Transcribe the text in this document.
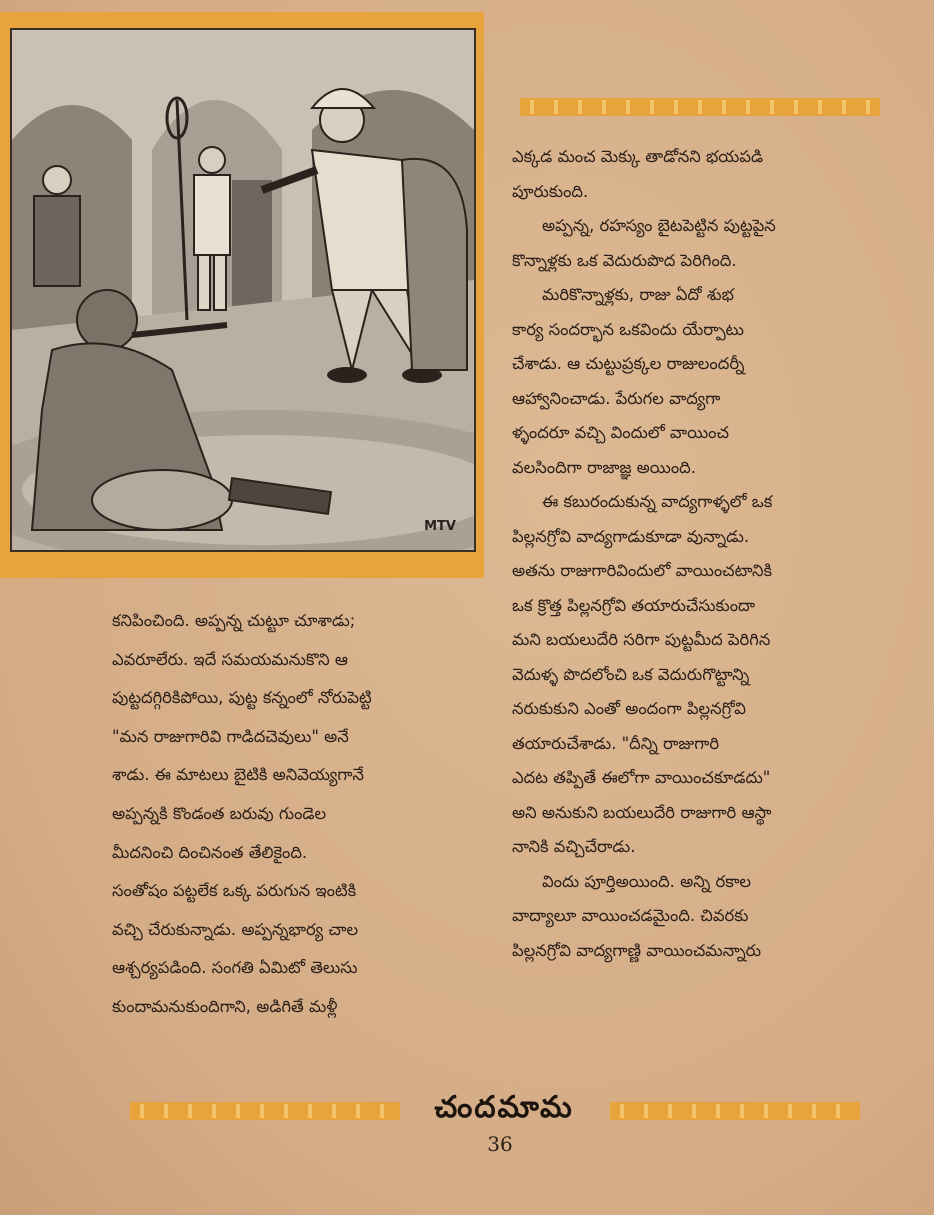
MTV
ఎక్కడ మంచ మెక్కు తాడోనని భయపడి
పూరుకుంది.
అప్పన్న, రహస్యం బైటపెట్టిన పుట్టపైన
కొన్నాళ్లకు ఒక వెదురుపొద పెరిగింది.
మరికొన్నాళ్లకు, రాజు ఏదో శుభ
కార్య సందర్భాన ఒకవిందు యేర్పాటు
చేశాడు. ఆ చుట్టుప్రక్కల రాజులందర్నీ
ఆహ్వానించాడు. పేరుగల వాద్యగా
ళ్ళందరూ వచ్చి విందులో వాయించ
వలసిందిగా రాజాజ్ఞ అయింది.
ఈ కబురందుకున్న వాద్యగాళ్ళలో ఒక
పిల్లనగ్రోవి వాద్యగాడుకూడా వున్నాడు.
అతను రాజుగారివిందులో వాయించటానికి
ఒక క్రొత్త పిల్లనగ్రోవి తయారుచేసుకుందా
మని బయలుదేరి సరిగా పుట్టమీద పెరిగిన
వెదుళ్ళ పొదలోంచి ఒక వెదురుగొట్టాన్ని
నరుకుకుని ఎంతో అందంగా పిల్లనగ్రోవి
తయారుచేశాడు. "దీన్ని రాజుగారి
ఎదట తప్పితే ఈలోగా వాయించకూడదు"
అని అనుకుని బయలుదేరి రాజుగారి ఆస్థా
నానికి వచ్చిచేరాడు.
విందు పూర్తిఅయింది. అన్ని రకాల
వాద్యాలూ వాయించడమైంది. చివరకు
పిల్లనగ్రోవి వాద్యగాణ్ణి వాయించమన్నారు
కనిపించింది. అప్పన్న చుట్టూ చూశాడు;
ఎవరూలేరు. ఇదే సమయమనుకొని ఆ
పుట్టదగ్గిరికిపోయి, పుట్ట కన్నంలో నోరుపెట్టి
"మన రాజుగారివి గాడిదచెవులు" అనే
శాడు. ఈ మాటలు బైటికి అనివెయ్యగానే
అప్పన్నకి కొండంత బరువు గుండెల
మీదనించి దించినంత తేలికైంది.
సంతోషం పట్టలేక ఒక్క పరుగున ఇంటికి
వచ్చి చేరుకున్నాడు. అప్పన్నభార్య చాల
ఆశ్చర్యపడింది. సంగతి ఏమిటో తెలుసు
కుందామనుకుందిగాని, అడిగితే మళ్లీ
చందమామ
36
